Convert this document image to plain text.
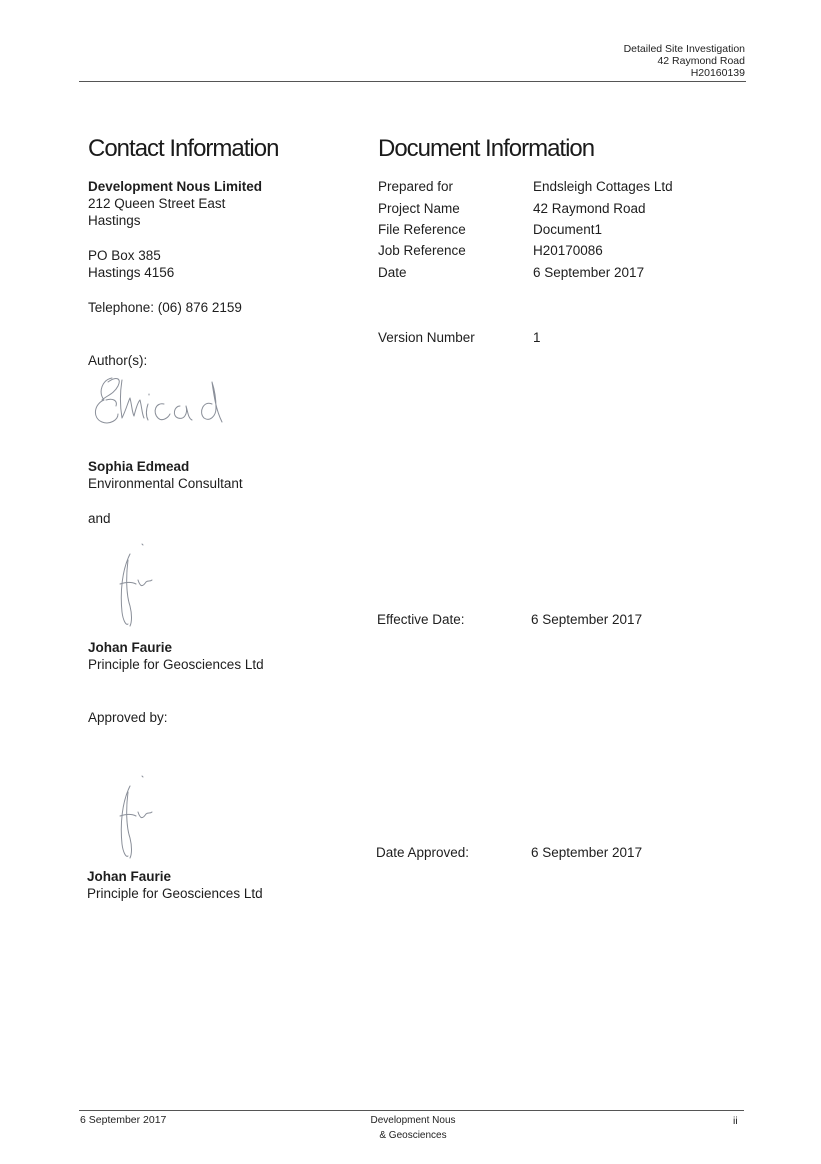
Detailed Site Investigation
42 Raymond Road
H20160139
Contact Information
Development Nous Limited
212 Queen Street East
Hastings
PO Box 385
Hastings 4156
Telephone: (06) 876 2159
Author(s):
Sophia Edmead
Environmental Consultant
and
Johan Faurie
Principle for Geosciences Ltd
Approved by:
Johan Faurie
Principle for Geosciences Ltd
Document Information
Prepared for	Endsleigh Cottages Ltd
Project Name	42 Raymond Road
File Reference	Document1
Job Reference	H20170086
Date	6 September 2017
Version Number	1
Effective Date:	6 September 2017
Date Approved:	6 September 2017
6 September 2017	Development Nous
& Geosciences
ii
